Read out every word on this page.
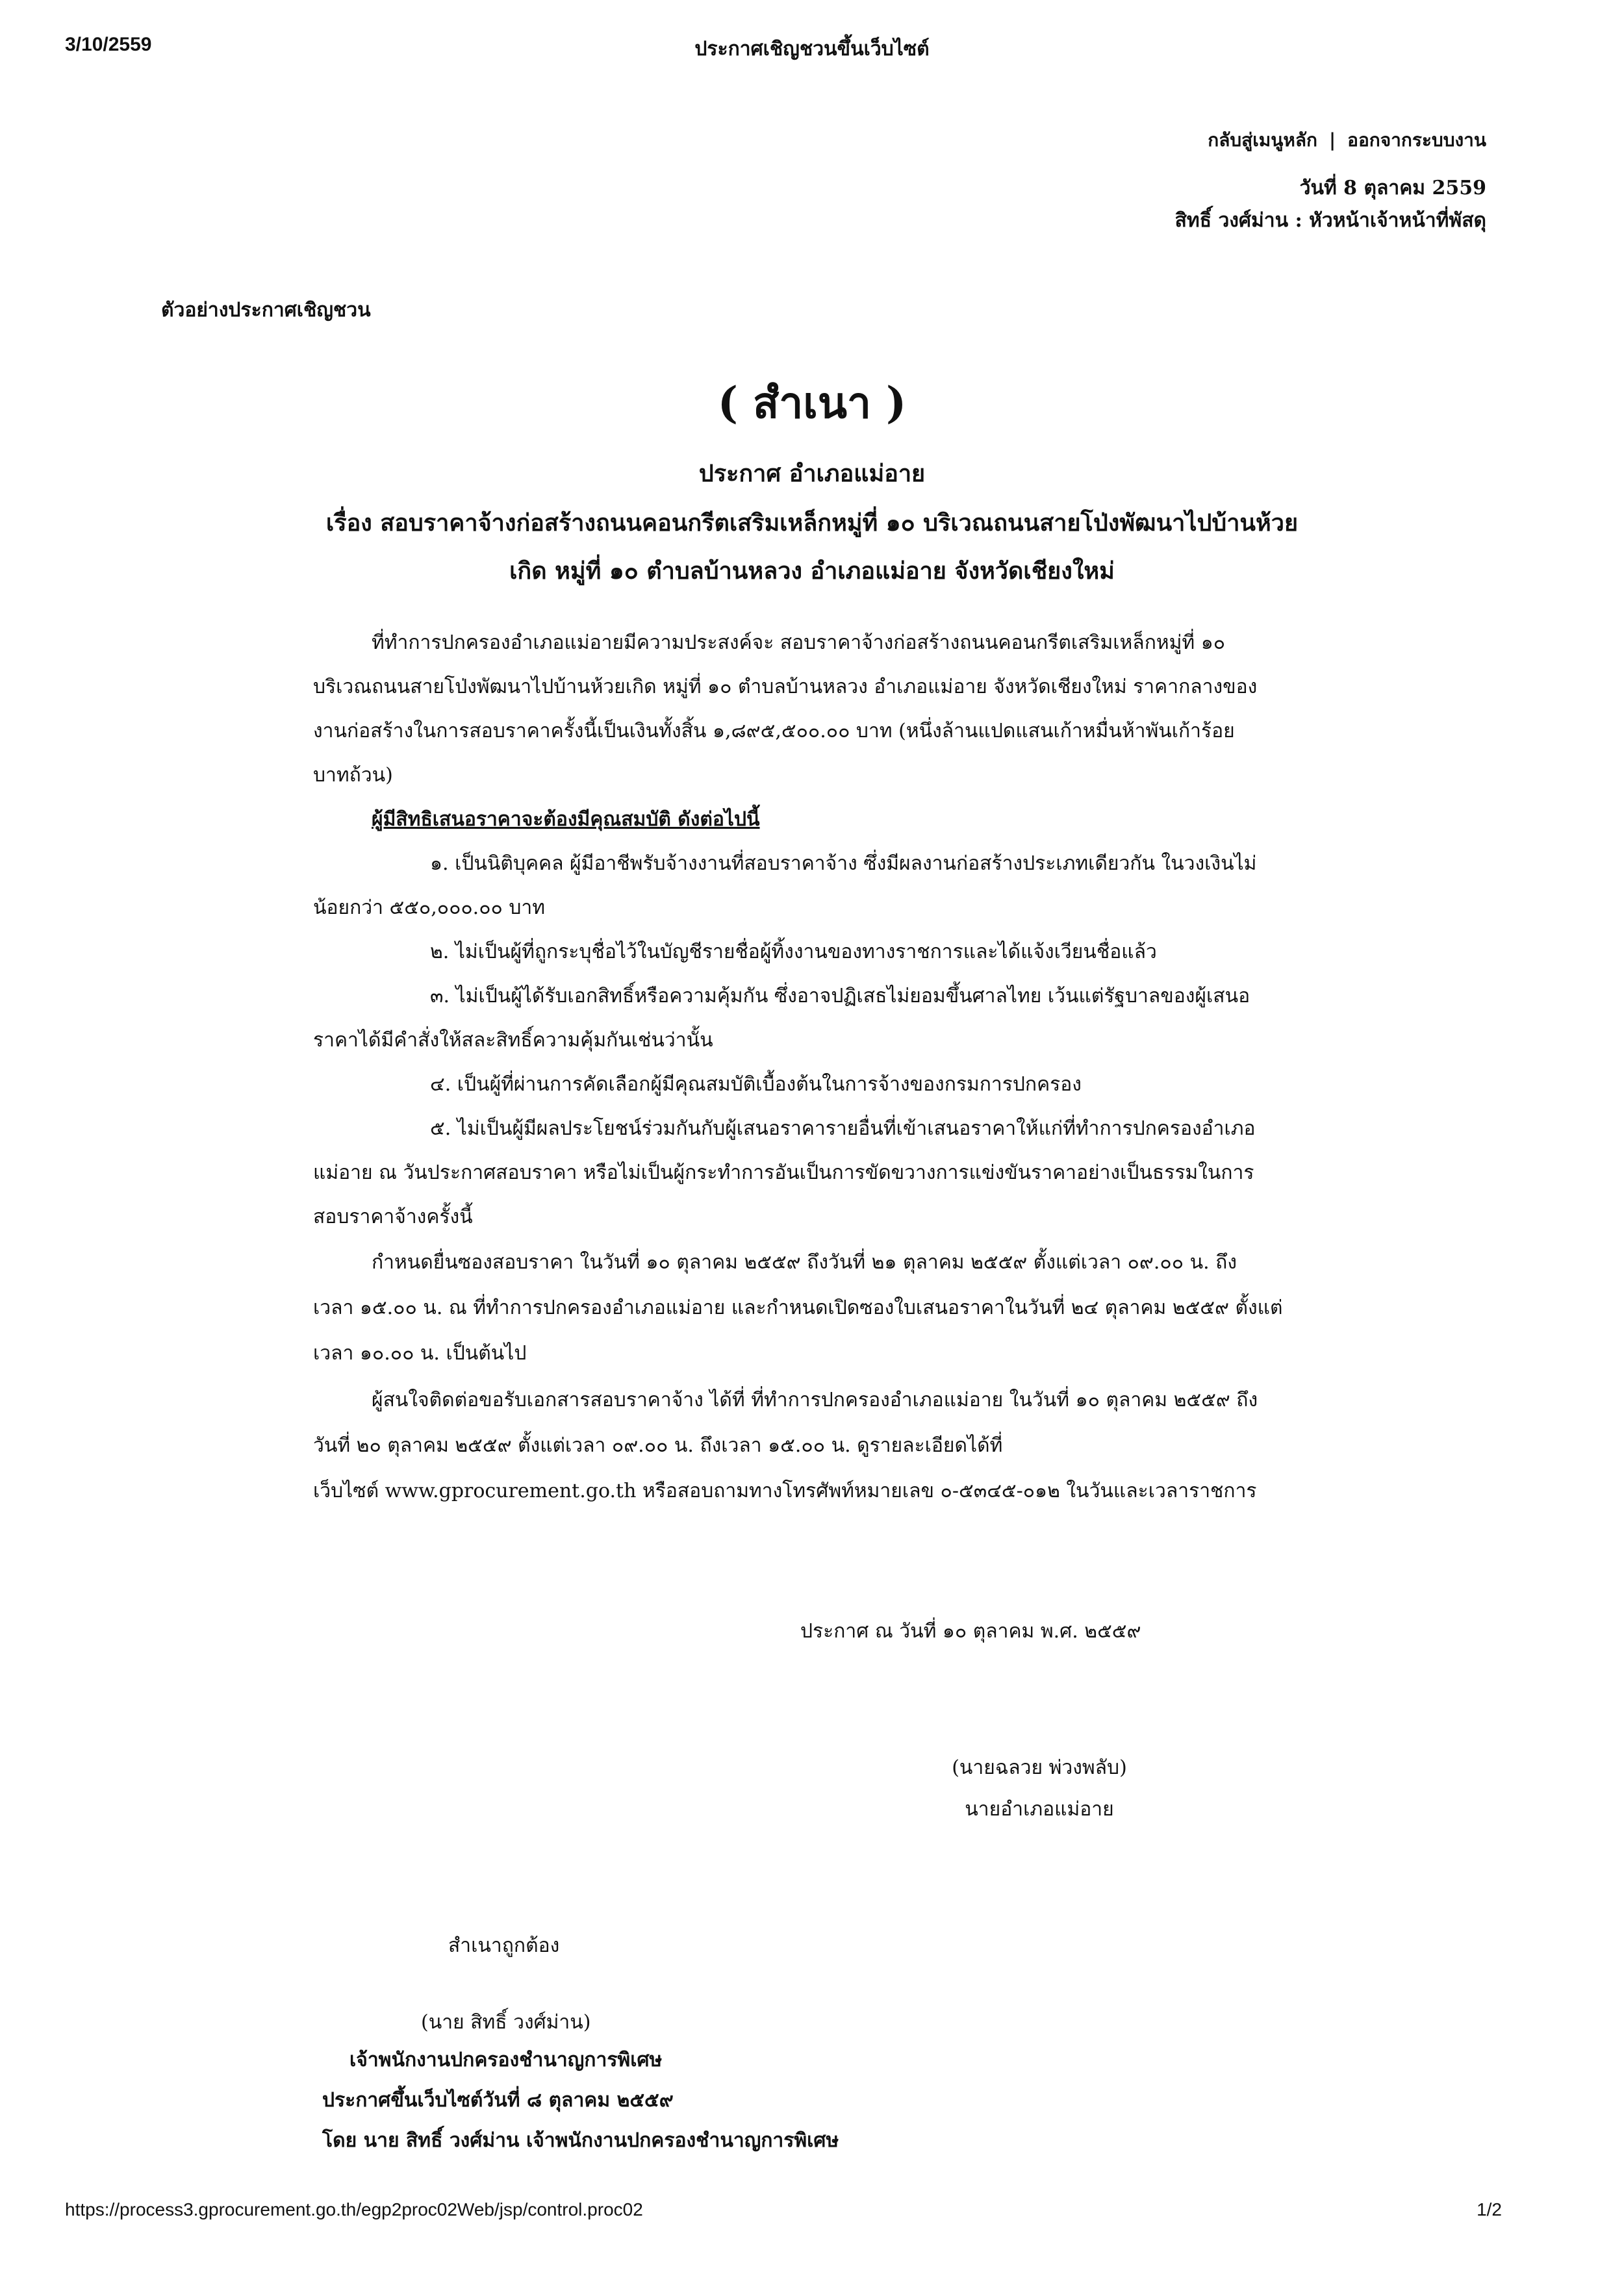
3/10/2559	ประกาศเชิญชวนขึ้นเว็บไซต์
กลับสู่เมนูหลัก | ออกจากระบบงาน
วันที่ 8 ตุลาคม 2559
สิทธิ์ วงศ์ม่าน : หัวหน้าเจ้าหน้าที่พัสดุ
ตัวอย่างประกาศเชิญชวน
( สำเนา )
ประกาศ อำเภอแม่อาย
เรื่อง สอบราคาจ้างก่อสร้างถนนคอนกรีตเสริมเหล็กหมู่ที่ ๑๐ บริเวณถนนสายโป่งพัฒนาไปบ้านห้วย
เกิด หมู่ที่ ๑๐ ตำบลบ้านหลวง อำเภอแม่อาย จังหวัดเชียงใหม่
ที่ทำการปกครองอำเภอแม่อายมีความประสงค์จะ สอบราคาจ้างก่อสร้างถนนคอนกรีตเสริมเหล็กหมู่ที่ ๑๐
บริเวณถนนสายโป่งพัฒนาไปบ้านห้วยเกิด หมู่ที่ ๑๐ ตำบลบ้านหลวง อำเภอแม่อาย จังหวัดเชียงใหม่ ราคากลางของ
งานก่อสร้างในการสอบราคาครั้งนี้เป็นเงินทั้งสิ้น ๑,๘๙๕,๕๐๐.๐๐ บาท (หนึ่งล้านแปดแสนเก้าหมื่นห้าพันเก้าร้อย
บาทถ้วน)
ผู้มีสิทธิเสนอราคาจะต้องมีคุณสมบัติ ดังต่อไปนี้
๑. เป็นนิติบุคคล ผู้มีอาชีพรับจ้างงานที่สอบราคาจ้าง ซึ่งมีผลงานก่อสร้างประเภทเดียวกัน ในวงเงินไม่
น้อยกว่า ๕๕๐,๐๐๐.๐๐ บาท
๒. ไม่เป็นผู้ที่ถูกระบุชื่อไว้ในบัญชีรายชื่อผู้ทิ้งงานของทางราชการและได้แจ้งเวียนชื่อแล้ว
๓. ไม่เป็นผู้ได้รับเอกสิทธิ์หรือความคุ้มกัน ซึ่งอาจปฏิเสธไม่ยอมขึ้นศาลไทย เว้นแต่รัฐบาลของผู้เสนอ
ราคาได้มีคำสั่งให้สละสิทธิ์ความคุ้มกันเช่นว่านั้น
๔. เป็นผู้ที่ผ่านการคัดเลือกผู้มีคุณสมบัติเบื้องต้นในการจ้างของกรมการปกครอง
๕. ไม่เป็นผู้มีผลประโยชน์ร่วมกันกับผู้เสนอราคารายอื่นที่เข้าเสนอราคาให้แก่ที่ทำการปกครองอำเภอ
แม่อาย ณ วันประกาศสอบราคา หรือไม่เป็นผู้กระทำการอันเป็นการขัดขวางการแข่งขันราคาอย่างเป็นธรรมในการ
สอบราคาจ้างครั้งนี้
กำหนดยื่นซองสอบราคา ในวันที่ ๑๐ ตุลาคม ๒๕๕๙ ถึงวันที่ ๒๑ ตุลาคม ๒๕๕๙ ตั้งแต่เวลา ๐๙.๐๐ น. ถึง
เวลา ๑๕.๐๐ น. ณ ที่ทำการปกครองอำเภอแม่อาย และกำหนดเปิดซองใบเสนอราคาในวันที่ ๒๔ ตุลาคม ๒๕๕๙ ตั้งแต่
เวลา ๑๐.๐๐ น. เป็นต้นไป
ผู้สนใจติดต่อขอรับเอกสารสอบราคาจ้าง ได้ที่ ที่ทำการปกครองอำเภอแม่อาย ในวันที่ ๑๐ ตุลาคม ๒๕๕๙ ถึง
วันที่ ๒๐ ตุลาคม ๒๕๕๙ ตั้งแต่เวลา ๐๙.๐๐ น. ถึงเวลา ๑๕.๐๐ น. ดูรายละเอียดได้ที่
เว็บไซต์ www.gprocurement.go.th หรือสอบถามทางโทรศัพท์หมายเลข ๐-๕๓๔๕-๐๑๒ ในวันและเวลาราชการ
ประกาศ ณ วันที่ ๑๐ ตุลาคม พ.ศ. ๒๕๕๙
(นายฉลวย พ่วงพลับ)
นายอำเภอแม่อาย
สำเนาถูกต้อง
(นาย สิทธิ์ วงศ์ม่าน)
เจ้าพนักงานปกครองชำนาญการพิเศษ
ประกาศขึ้นเว็บไซต์วันที่ ๘ ตุลาคม ๒๕๕๙
โดย นาย สิทธิ์ วงศ์ม่าน เจ้าพนักงานปกครองชำนาญการพิเศษ
https://process3.gprocurement.go.th/egp2proc02Web/jsp/control.proc02	1/2
